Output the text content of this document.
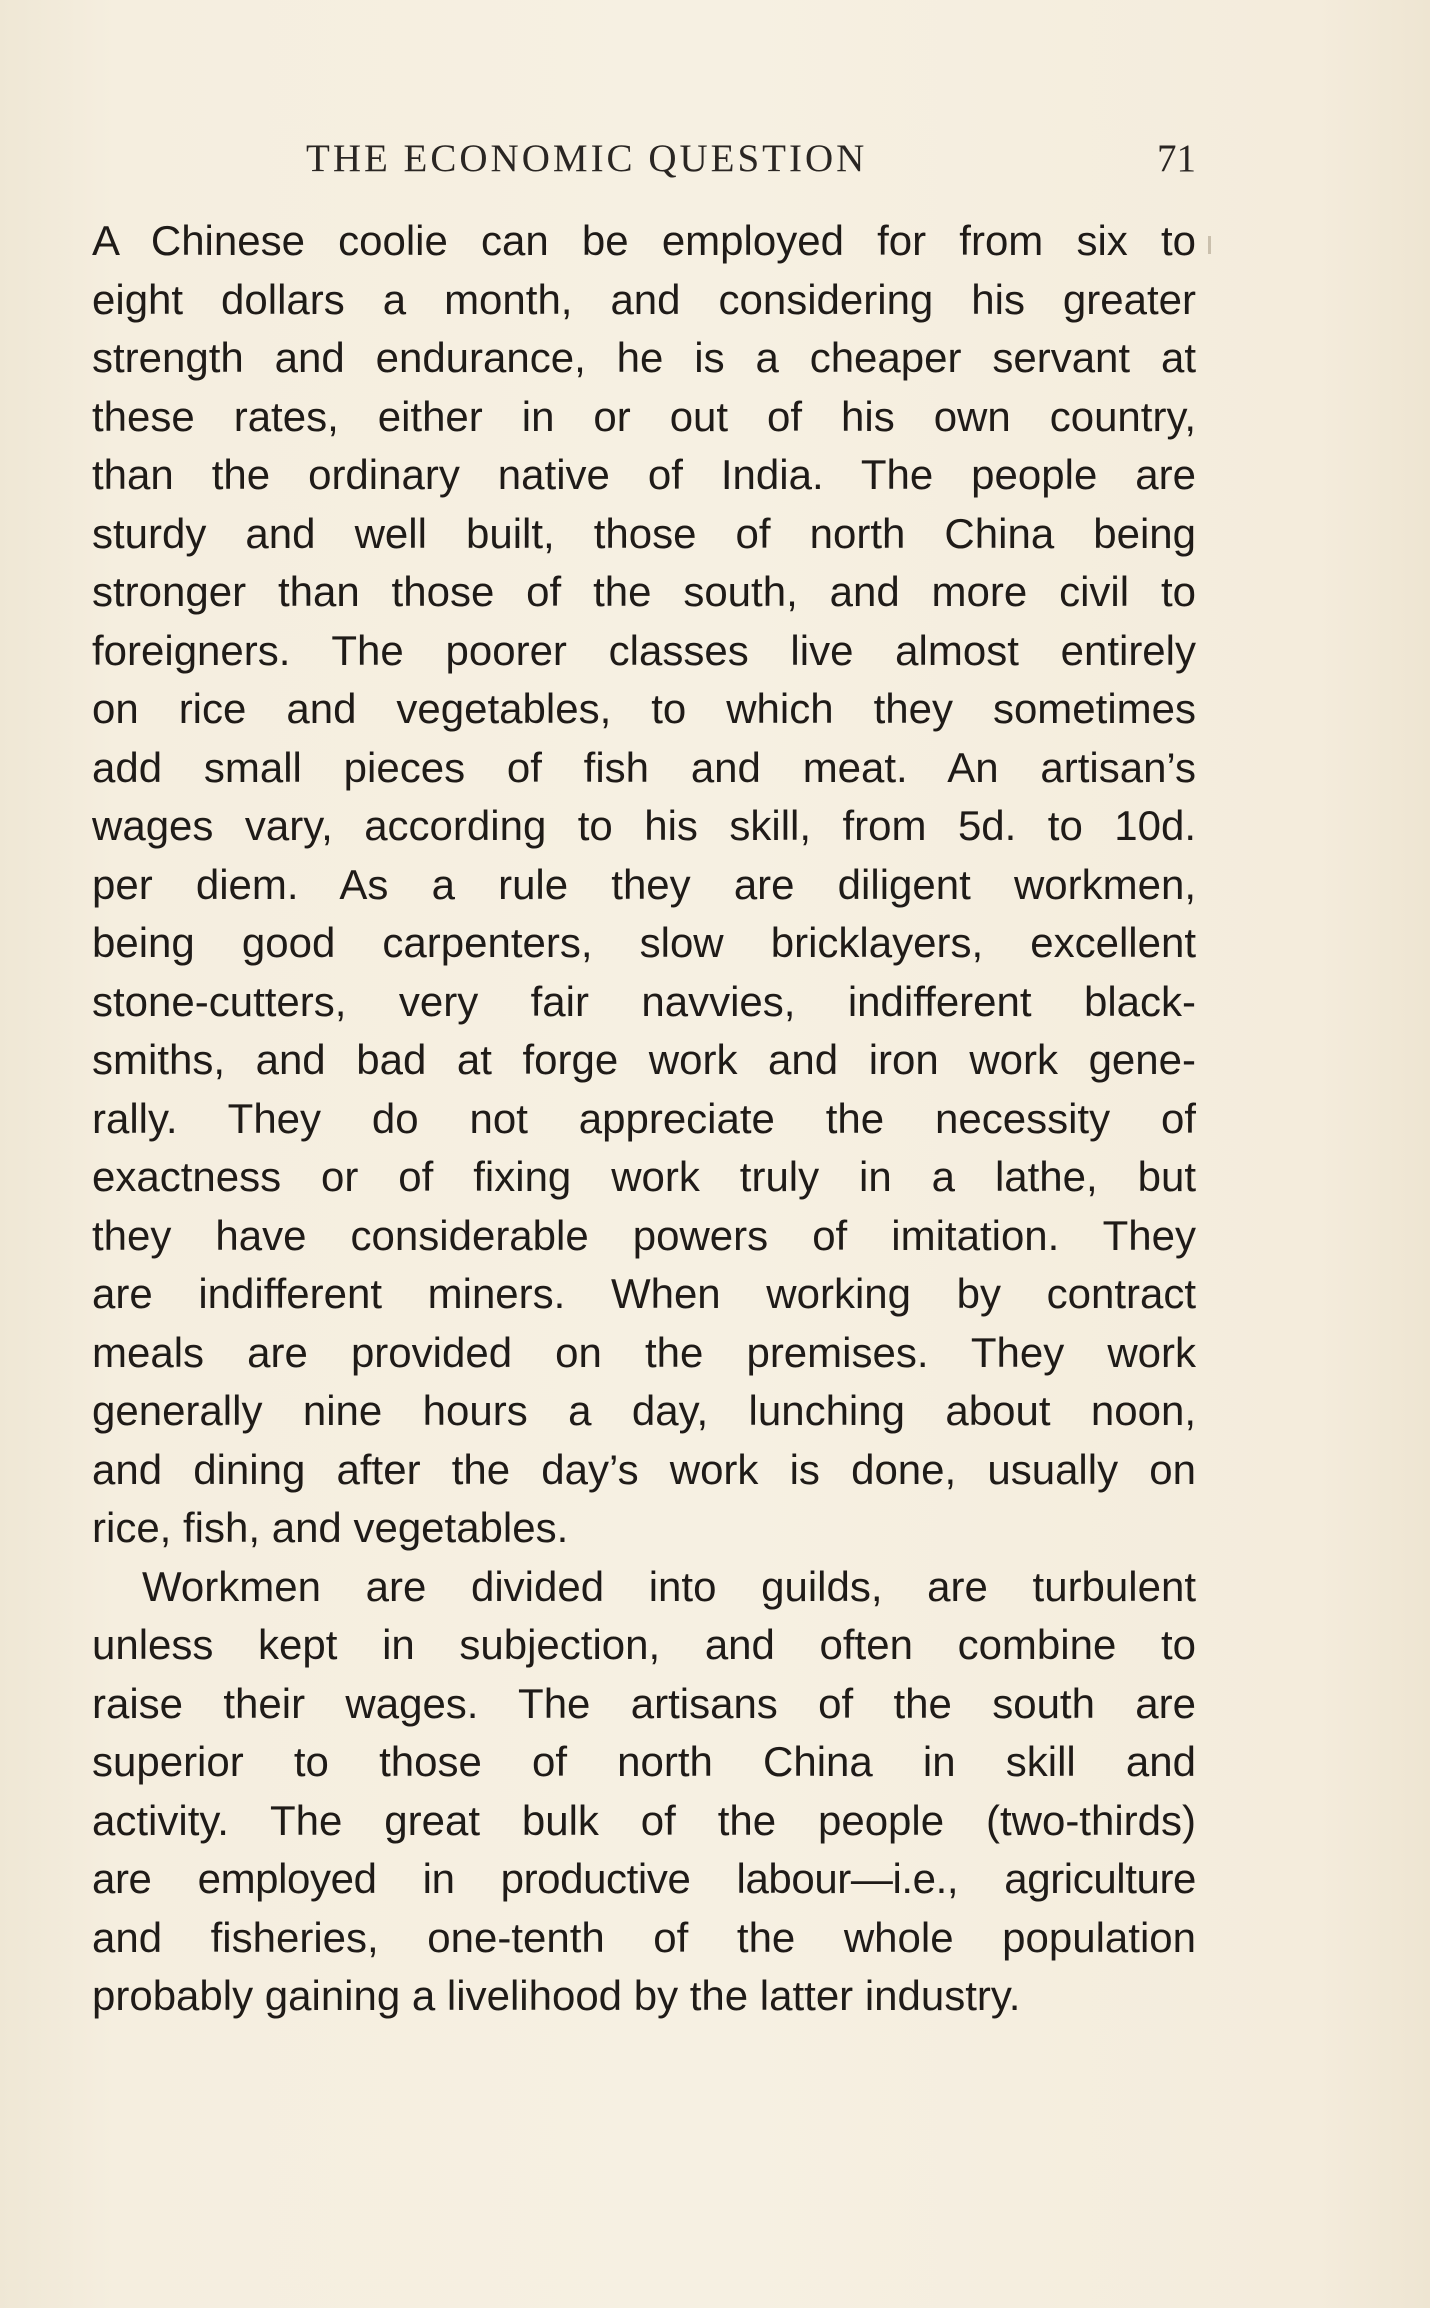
THE ECONOMIC QUESTION	71

A Chinese coolie can be employed for from six to
eight dollars a month, and considering his greater
strength and endurance, he is a cheaper servant at
these rates, either in or out of his own country,
than the ordinary native of India. The people are
sturdy and well built, those of north China being
stronger than those of the south, and more civil to
foreigners. The poorer classes live almost entirely
on rice and vegetables, to which they sometimes
add small pieces of fish and meat. An artisan’s
wages vary, according to his skill, from 5d. to 10d.
per diem. As a rule they are diligent workmen,
being good carpenters, slow bricklayers, excellent
stone-cutters, very fair navvies, indifferent black-
smiths, and bad at forge work and iron work gene-
rally. They do not appreciate the necessity of
exactness or of fixing work truly in a lathe, but
they have considerable powers of imitation. They
are indifferent miners. When working by contract
meals are provided on the premises. They work
generally nine hours a day, lunching about noon,
and dining after the day’s work is done, usually on
rice, fish, and vegetables.

Workmen are divided into guilds, are turbulent
unless kept in subjection, and often combine to
raise their wages. The artisans of the south are
superior to those of north China in skill and
activity. The great bulk of the people (two-thirds)
are employed in productive labour—i.e., agriculture
and fisheries, one-tenth of the whole population
probably gaining a livelihood by the latter industry.
